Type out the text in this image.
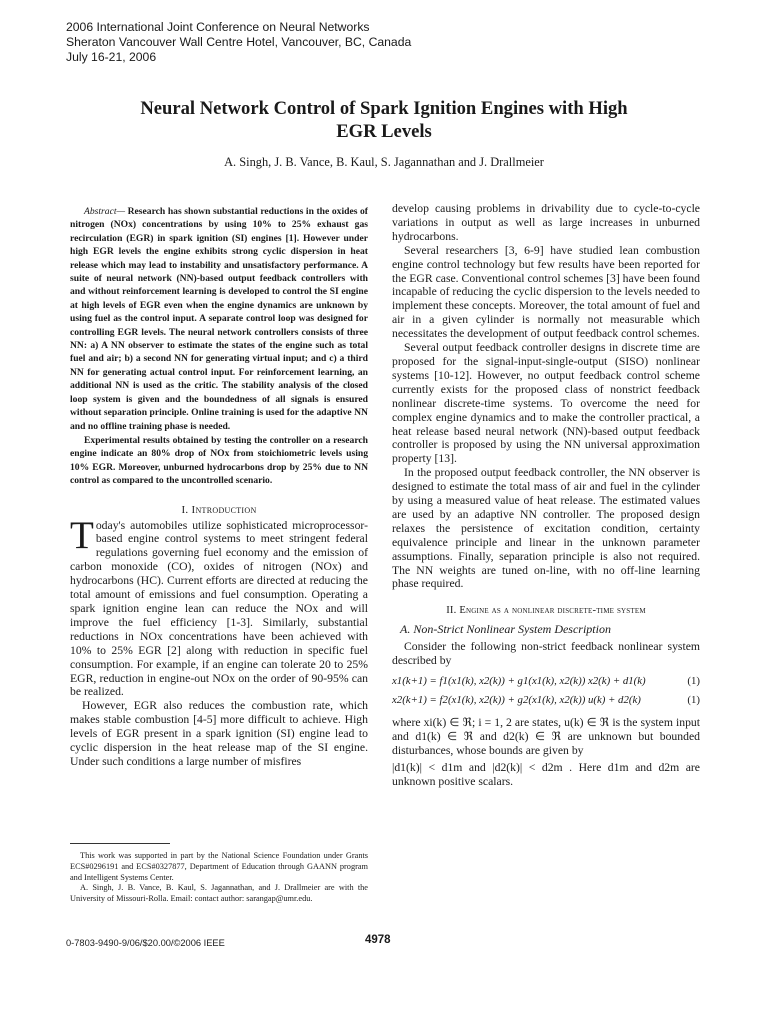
2006 International Joint Conference on Neural Networks
Sheraton Vancouver Wall Centre Hotel, Vancouver, BC, Canada
July 16-21, 2006
Neural Network Control of Spark Ignition Engines with High
EGR Levels
A. Singh, J. B. Vance, B. Kaul, S. Jagannathan and J. Drallmeier

Abstract— Research has shown substantial reductions in the oxides of nitrogen (NOx) concentrations by using 10% to 25% exhaust gas recirculation (EGR) in spark ignition (SI) engines [1]. However under high EGR levels the engine exhibits strong cyclic dispersion in heat release which may lead to instability and unsatisfactory performance. A suite of neural network (NN)-based output feedback controllers with and without reinforcement learning is developed to control the SI engine at high levels of EGR even when the engine dynamics are unknown by using fuel as the control input. A separate control loop was designed for controlling EGR levels. The neural network controllers consists of three NN: a) A NN observer to estimate the states of the engine such as total fuel and air; b) a second NN for generating virtual input; and c) a third NN for generating actual control input. For reinforcement learning, an additional NN is used as the critic. The stability analysis of the closed loop system is given and the boundedness of all signals is ensured without separation principle. Online training is used for the adaptive NN and no offline training phase is needed.

Experimental results obtained by testing the controller on a research engine indicate an 80% drop of NOx from stoichiometric levels using 10% EGR. Moreover, unburned hydrocarbons drop by 25% due to NN control as compared to the uncontrolled scenario.

I. Introduction

Today's automobiles utilize sophisticated microprocessor-based engine control systems to meet stringent federal regulations governing fuel economy and the emission of carbon monoxide (CO), oxides of nitrogen (NOx) and hydrocarbons (HC). Current efforts are directed at reducing the total amount of emissions and fuel consumption. Operating a spark ignition engine lean can reduce the NOx and will improve the fuel efficiency [1-3]. Similarly, substantial reductions in NOx concentrations have been achieved with 10% to 25% EGR [2] along with reduction in specific fuel consumption. For example, if an engine can tolerate 20 to 25% EGR, reduction in engine-out NOx on the order of 90-95% can be realized.

However, EGR also reduces the combustion rate, which makes stable combustion [4-5] more difficult to achieve. High levels of EGR present in a spark ignition (SI) engine lead to cyclic dispersion in the heat release map of the SI engine. Under such conditions a large number of misfires

develop causing problems in drivability due to cycle-to-cycle variations in output as well as large increases in unburned hydrocarbons.

Several researchers [3, 6-9] have studied lean combustion engine control technology but few results have been reported for the EGR case. Conventional control schemes [3] have been found incapable of reducing the cyclic dispersion to the levels needed to implement these concepts. Moreover, the total amount of fuel and air in a given cylinder is normally not measurable which necessitates the development of output feedback control schemes.

Several output feedback controller designs in discrete time are proposed for the signal-input-single-output (SISO) nonlinear systems [10-12]. However, no output feedback control scheme currently exists for the proposed class of nonstrict feedback nonlinear discrete-time systems. To overcome the need for complex engine dynamics and to make the controller practical, a heat release based neural network (NN)-based output feedback controller is proposed by using the NN universal approximation property [13].

In the proposed output feedback controller, the NN observer is designed to estimate the total mass of air and fuel in the cylinder by using a measured value of heat release. The estimated values are used by an adaptive NN controller. The proposed design relaxes the persistence of excitation condition, certainty equivalence principle and linear in the unknown parameter assumptions. Finally, separation principle is also not required. The NN weights are tuned on-line, with no off-line learning phase required.

II. Engine as a nonlinear discrete-time system
A. Non-Strict Nonlinear System Description

Consider the following non-strict feedback nonlinear system described by

x1(k+1) = f1(x1(k), x2(k)) + g1(x1(k), x2(k)) x2(k) + d1(k)	(1)
x2(k+1) = f2(x1(k), x2(k)) + g2(x1(k), x2(k)) u(k) + d2(k)	(1)

where xi(k) ∈ ℜ; i = 1, 2 are states, u(k) ∈ ℜ is the system input and d1(k) ∈ ℜ and d2(k) ∈ ℜ are unknown but bounded disturbances, whose bounds are given by

|d1(k)| < d1m and |d2(k)| < d2m . Here d1m and d2m are unknown positive scalars.

This work was supported in part by the National Science Foundation under Grants ECS#0296191 and ECS#0327877, Department of Education through GAANN program and Intelligent Systems Center.

A. Singh, J. B. Vance, B. Kaul, S. Jagannathan, and J. Drallmeier are with the University of Missouri-Rolla. Email: contact author: sarangap@umr.edu.

0-7803-9490-9/06/$20.00/©2006 IEEE	4978
